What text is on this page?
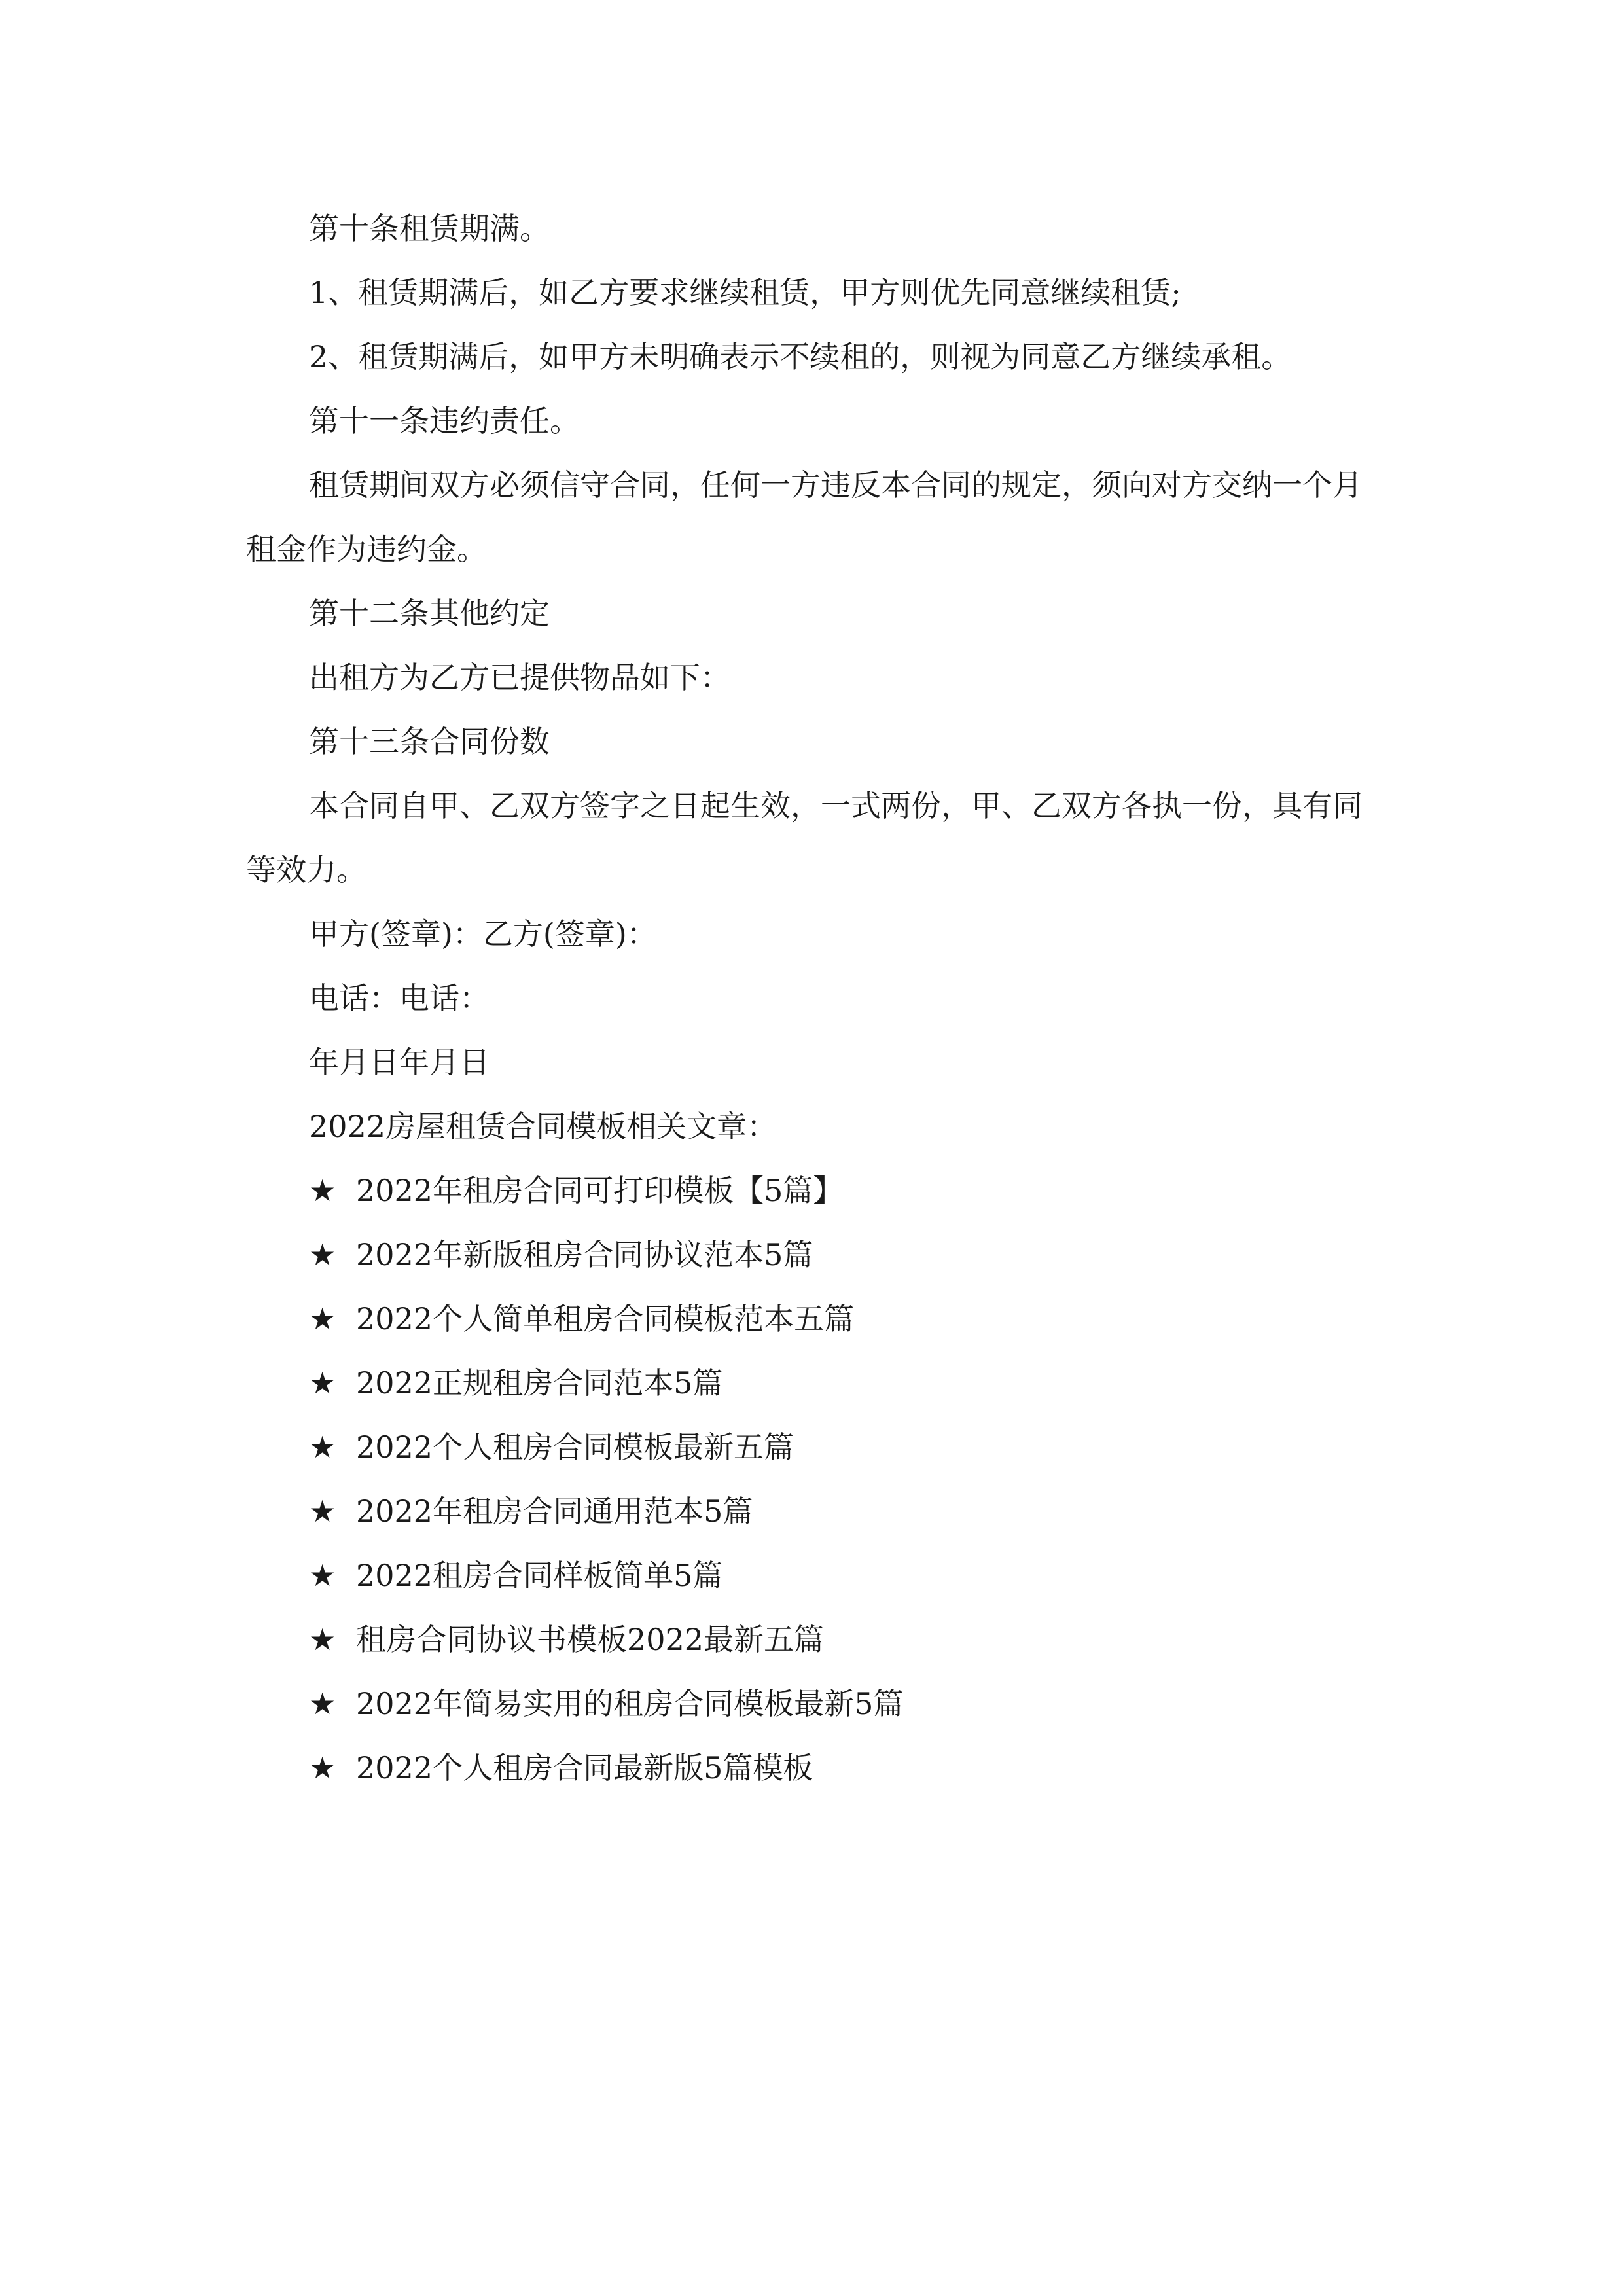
第十条租赁期满。

1、租赁期满后，如乙方要求继续租赁，甲方则优先同意继续租赁;

2、租赁期满后，如甲方未明确表示不续租的，则视为同意乙方继续承租。

第十一条违约责任。

租赁期间双方必须信守合同，任何一方违反本合同的规定，须向对方交纳一个月租金作为违约金。

第十二条其他约定

出租方为乙方已提供物品如下：

第十三条合同份数

本合同自甲、乙双方签字之日起生效，一式两份，甲、乙双方各执一份，具有同等效力。

甲方(签章)：乙方(签章)：

电话：电话：

年月日年月日

2022房屋租赁合同模板相关文章：

★ 2022年租房合同可打印模板【5篇】
★ 2022年新版租房合同协议范本5篇
★ 2022个人简单租房合同模板范本五篇
★ 2022正规租房合同范本5篇
★ 2022个人租房合同模板最新五篇
★ 2022年租房合同通用范本5篇
★ 2022租房合同样板简单5篇
★ 租房合同协议书模板2022最新五篇
★ 2022年简易实用的租房合同模板最新5篇
★ 2022个人租房合同最新版5篇模板
